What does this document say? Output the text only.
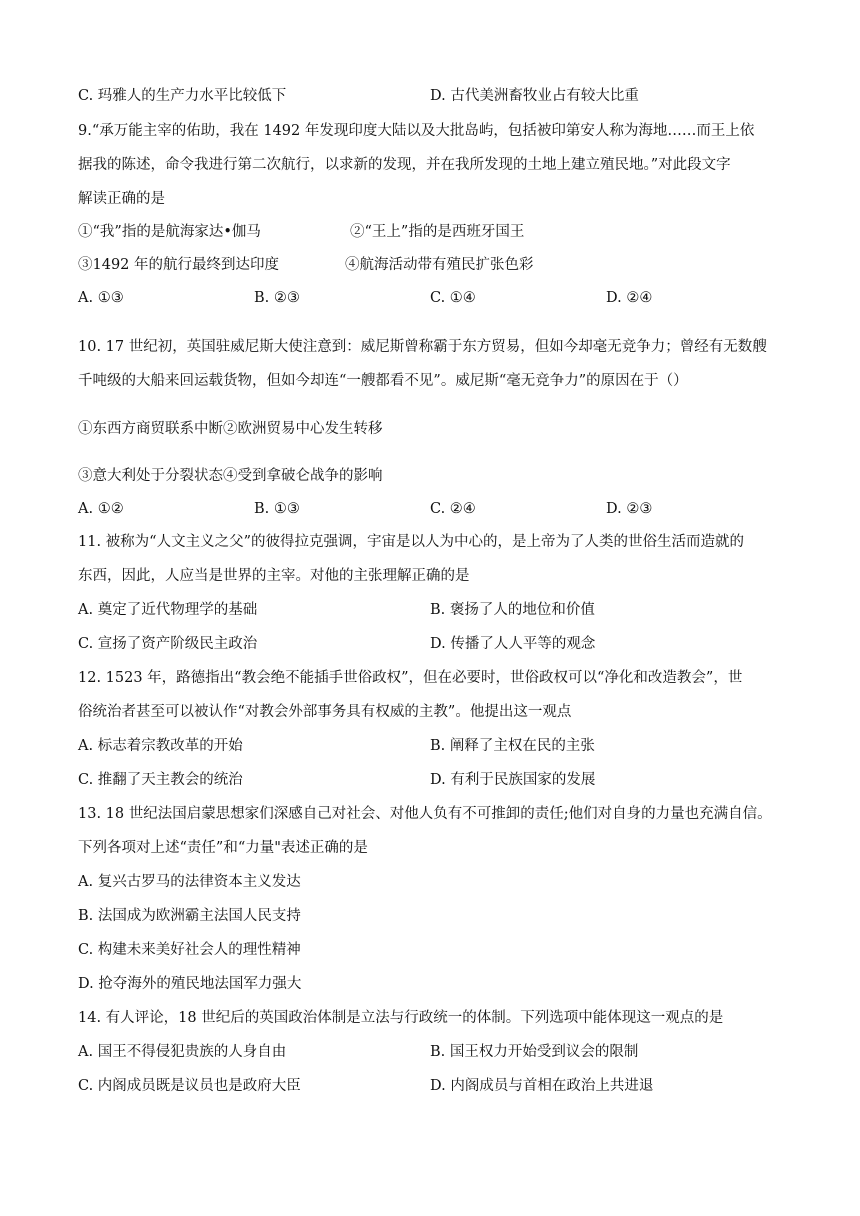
C. 玛雅人的生产力水平比较低下	D. 古代美洲畜牧业占有较大比重
9.“承万能主宰的佑助，我在 1492 年发现印度大陆以及大批岛屿，包括被印第安人称为海地……而王上依
据我的陈述，命令我进行第二次航行，以求新的发现，并在我所发现的土地上建立殖民地。”对此段文字
解读正确的是
①“我”指的是航海家达•伽马	②“王上”指的是西班牙国王
③1492 年的航行最终到达印度	④航海活动带有殖民扩张色彩
A. ①③	B. ②③	C. ①④	D. ②④
10. 17 世纪初，英国驻威尼斯大使注意到：威尼斯曾称霸于东方贸易，但如今却毫无竞争力；曾经有无数艘
千吨级的大船来回运载货物，但如今却连“一艘都看不见”。威尼斯“毫无竞争力”的原因在于（）
①东西方商贸联系中断②欧洲贸易中心发生转移
③意大利处于分裂状态④受到拿破仑战争的影响
A. ①②	B. ①③	C. ②④	D. ②③
11. 被称为“人文主义之父”的彼得拉克强调，宇宙是以人为中心的，是上帝为了人类的世俗生活而造就的
东西，因此，人应当是世界的主宰。对他的主张理解正确的是
A. 奠定了近代物理学的基础	B. 褒扬了人的地位和价值
C. 宣扬了资产阶级民主政治	D. 传播了人人平等的观念
12. 1523 年，路德指出“教会绝不能插手世俗政权”，但在必要时，世俗政权可以“净化和改造教会”，世
俗统治者甚至可以被认作“对教会外部事务具有权威的主教”。他提出这一观点
A. 标志着宗教改革的开始	B. 阐释了主权在民的主张
C. 推翻了天主教会的统治	D. 有利于民族国家的发展
13. 18 世纪法国启蒙思想家们深感自己对社会、对他人负有不可推卸的责任;他们对自身的力量也充满自信。
下列各项对上述“责任”和“力量"表述正确的是
A. 复兴古罗马的法律资本主义发达
B. 法国成为欧洲霸主法国人民支持
C. 构建未来美好社会人的理性精神
D. 抢夺海外的殖民地法国军力强大
14. 有人评论，18 世纪后的英国政治体制是立法与行政统一的体制。下列选项中能体现这一观点的是
A. 国王不得侵犯贵族的人身自由	B. 国王权力开始受到议会的限制
C. 内阁成员既是议员也是政府大臣	D. 内阁成员与首相在政治上共进退
